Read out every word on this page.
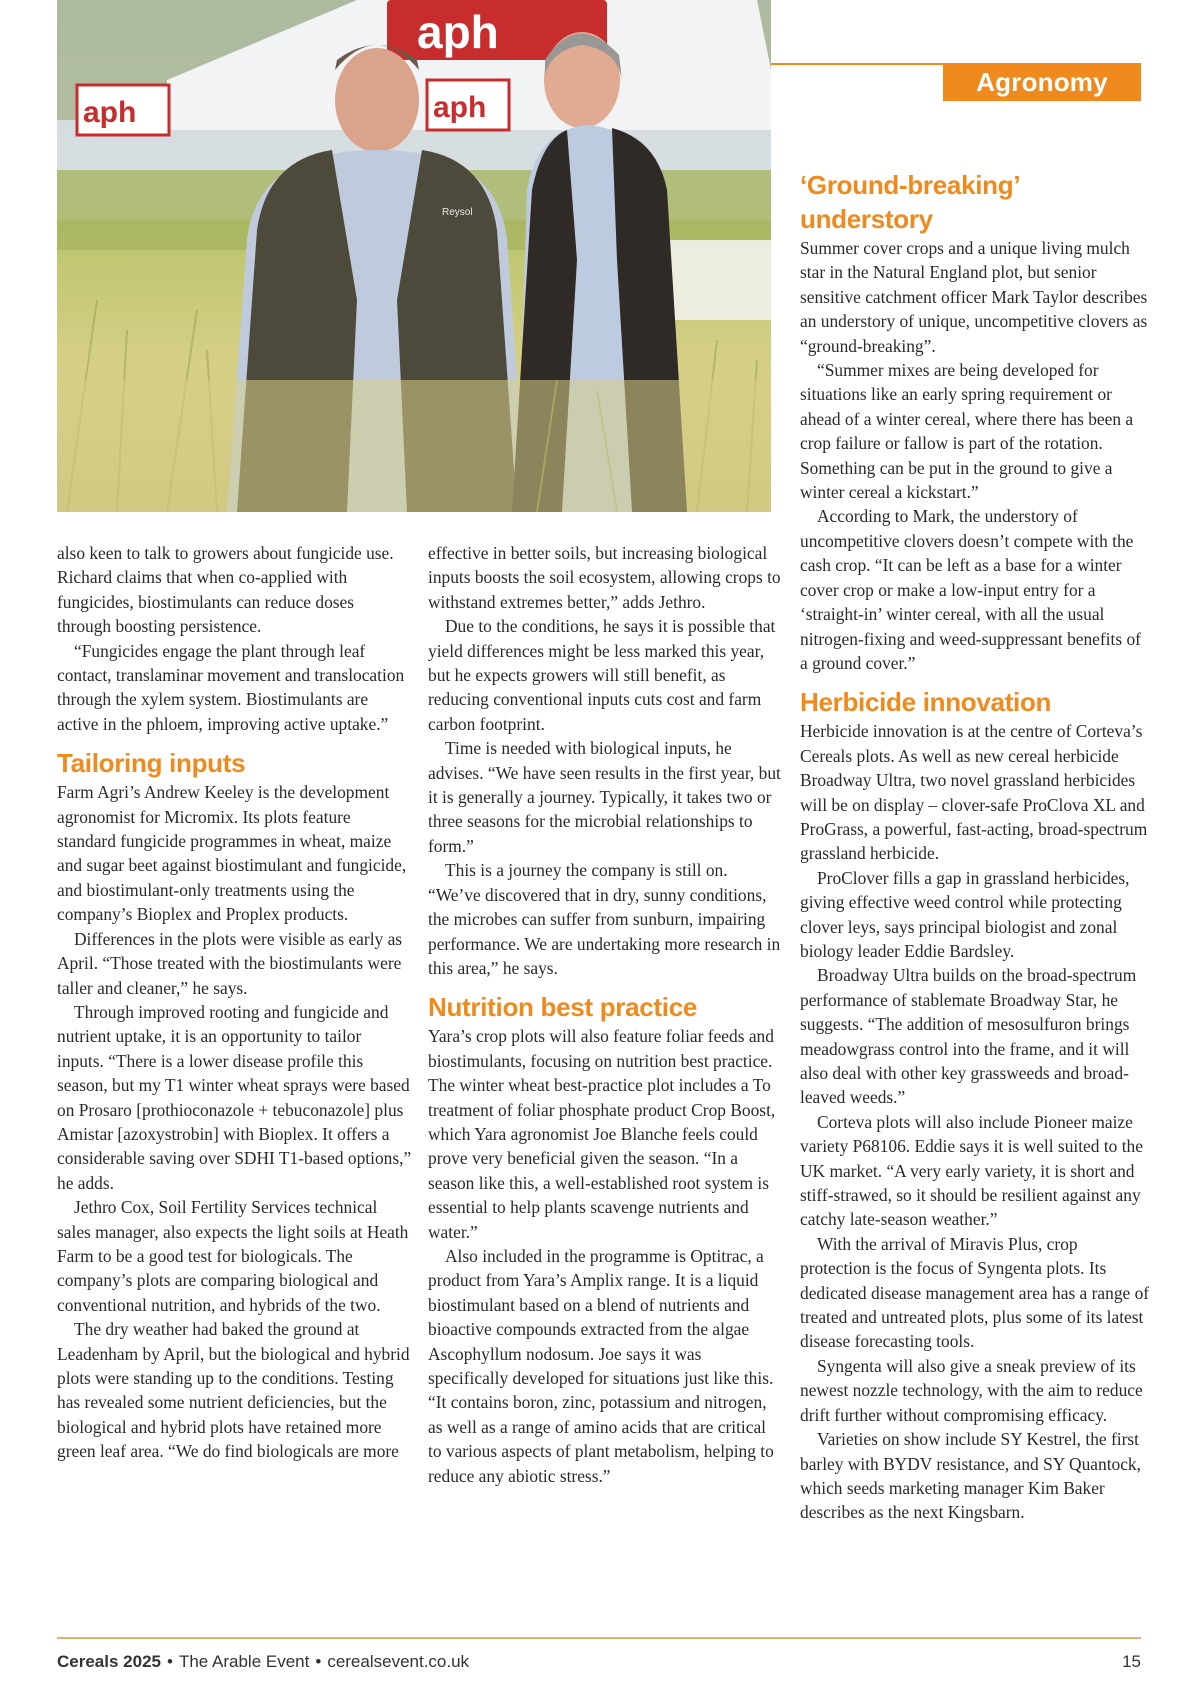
aph
aph	aph
Reysol
Agronomy Zone

also keen to talk to growers about fungicide use. Richard claims that when co-applied with fungicides, biostimulants can reduce doses through boosting persistence.

“Fungicides engage the plant through leaf contact, translaminar movement and translocation through the xylem system. Biostimulants are active in the phloem, improving active uptake.”

Tailoring inputs

Farm Agri’s Andrew Keeley is the development agronomist for Micromix. Its plots feature standard fungicide programmes in wheat, maize and sugar beet against biostimulant and fungicide, and biostimulant-only treatments using the company’s Bioplex and Proplex products.

Differences in the plots were visible as early as April. “Those treated with the biostimulants were taller and cleaner,” he says.

Through improved rooting and fungicide and nutrient uptake, it is an opportunity to tailor inputs. “There is a lower disease profile this season, but my T1 winter wheat sprays were based on Prosaro [prothioconazole + tebuconazole] plus Amistar [azoxystrobin] with Bioplex. It offers a considerable saving over SDHI T1-based options,” he adds.

Jethro Cox, Soil Fertility Services technical sales manager, also expects the light soils at Heath Farm to be a good test for biologicals. The company’s plots are comparing biological and conventional nutrition, and hybrids of the two.

The dry weather had baked the ground at Leadenham by April, but the biological and hybrid plots were standing up to the conditions. Testing has revealed some nutrient deficiencies, but the biological and hybrid plots have retained more green leaf area. “We do find biologicals are more

effective in better soils, but increasing biological inputs boosts the soil ecosystem, allowing crops to withstand extremes better,” adds Jethro.

Due to the conditions, he says it is possible that yield differences might be less marked this year, but he expects growers will still benefit, as reducing conventional inputs cuts cost and farm carbon footprint.

Time is needed with biological inputs, he advises. “We have seen results in the first year, but it is generally a journey. Typically, it takes two or three seasons for the microbial relationships to form.”

This is a journey the company is still on. “We’ve discovered that in dry, sunny conditions, the microbes can suffer from sunburn, impairing performance. We are undertaking more research in this area,” he says.

Nutrition best practice

Yara’s crop plots will also feature foliar feeds and biostimulants, focusing on nutrition best practice. The winter wheat best-practice plot includes a To treatment of foliar phosphate product Crop Boost, which Yara agronomist Joe Blanche feels could prove very beneficial given the season. “In a season like this, a well-established root system is essential to help plants scavenge nutrients and water.”

Also included in the programme is Optitrac, a product from Yara’s Amplix range. It is a liquid biostimulant based on a blend of nutrients and bioactive compounds extracted from the algae Ascophyllum nodosum. Joe says it was specifically developed for situations just like this. “It contains boron, zinc, potassium and nitrogen, as well as a range of amino acids that are critical to various aspects of plant metabolism, helping to reduce any abiotic stress.”

‘Ground-breaking’ understory

Summer cover crops and a unique living mulch star in the Natural England plot, but senior sensitive catchment officer Mark Taylor describes an understory of unique, uncompetitive clovers as “ground-breaking”.

“Summer mixes are being developed for situations like an early spring requirement or ahead of a winter cereal, where there has been a crop failure or fallow is part of the rotation. Something can be put in the ground to give a winter cereal a kickstart.”

According to Mark, the understory of uncompetitive clovers doesn’t compete with the cash crop. “It can be left as a base for a winter cover crop or make a low-input entry for a ‘straight-in’ winter cereal, with all the usual nitrogen-fixing and weed-suppressant benefits of a ground cover.”

Herbicide innovation

Herbicide innovation is at the centre of Corteva’s Cereals plots. As well as new cereal herbicide Broadway Ultra, two novel grassland herbicides will be on display – clover-safe ProClova XL and ProGrass, a powerful, fast-acting, broad-spectrum grassland herbicide.

ProClover fills a gap in grassland herbicides, giving effective weed control while protecting clover leys, says principal biologist and zonal biology leader Eddie Bardsley.

Broadway Ultra builds on the broad-spectrum performance of stablemate Broadway Star, he suggests. “The addition of mesosulfuron brings meadowgrass control into the frame, and it will also deal with other key grassweeds and broad-leaved weeds.”

Corteva plots will also include Pioneer maize variety P68106. Eddie says it is well suited to the UK market. “A very early variety, it is short and stiff-strawed, so it should be resilient against any catchy late-season weather.”

With the arrival of Miravis Plus, crop protection is the focus of Syngenta plots. Its dedicated disease management area has a range of treated and untreated plots, plus some of its latest disease forecasting tools.

Syngenta will also give a sneak preview of its newest nozzle technology, with the aim to reduce drift further without compromising efficacy.

Varieties on show include SY Kestrel, the first barley with BYDV resistance, and SY Quantock, which seeds marketing manager Kim Baker describes as the next Kingsbarn.

Cereals 2025 • The Arable Event • cerealsevent.co.uk	15
